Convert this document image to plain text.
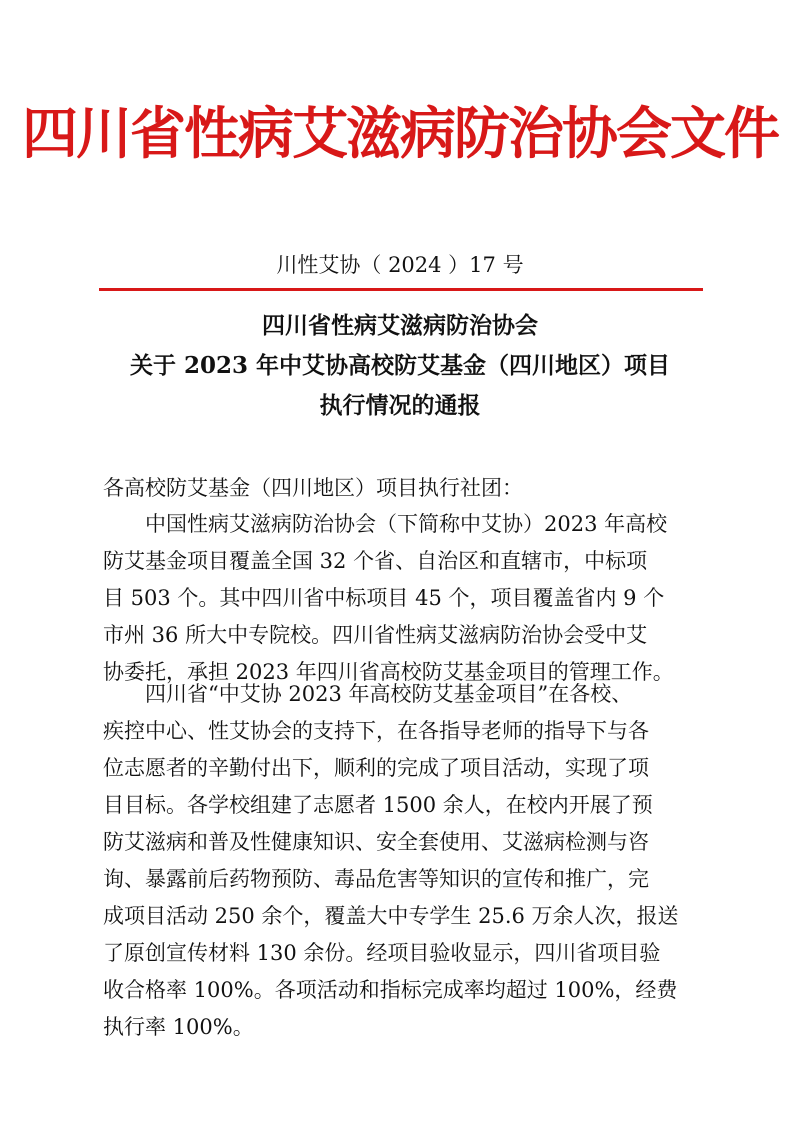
四川省性病艾滋病防治协会文件
川性艾协（ 2024 ）17 号
四川省性病艾滋病防治协会
关于 2023 年中艾协高校防艾基金（四川地区）项目
执行情况的通报
各高校防艾基金（四川地区）项目执行社团：
中国性病艾滋病防治协会（下简称中艾协）2023 年高校
防艾基金项目覆盖全国 32 个省、自治区和直辖市，中标项
目 503 个。其中四川省中标项目 45 个，项目覆盖省内 9 个
市州 36 所大中专院校。四川省性病艾滋病防治协会受中艾
协委托，承担 2023 年四川省高校防艾基金项目的管理工作。
四川省“中艾协 2023 年高校防艾基金项目”在各校、
疾控中心、性艾协会的支持下，在各指导老师的指导下与各
位志愿者的辛勤付出下，顺利的完成了项目活动，实现了项
目目标。各学校组建了志愿者 1500 余人，在校内开展了预
防艾滋病和普及性健康知识、安全套使用、艾滋病检测与咨
询、暴露前后药物预防、毒品危害等知识的宣传和推广，完
成项目活动 250 余个，覆盖大中专学生 25.6 万余人次，报送
了原创宣传材料 130 余份。经项目验收显示，四川省项目验
收合格率 100%。各项活动和指标完成率均超过 100%，经费
执行率 100%。
